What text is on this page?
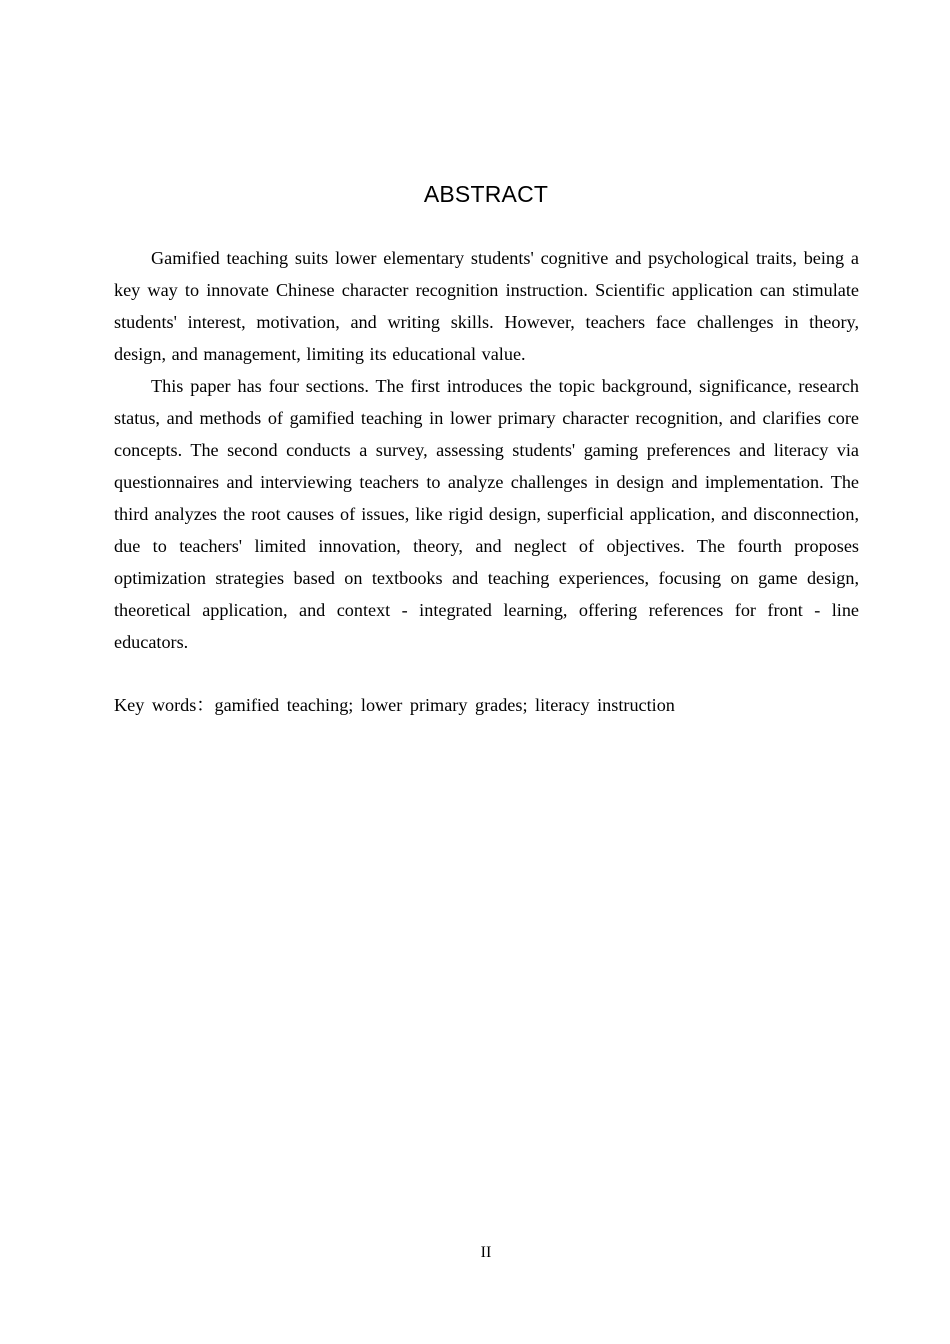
ABSTRACT

Gamified teaching suits lower elementary students' cognitive and psychological traits, being a key way to innovate Chinese character recognition instruction. Scientific application can stimulate students' interest, motivation, and writing skills. However, teachers face challenges in theory, design, and management, limiting its educational value.

This paper has four sections. The first introduces the topic background, significance, research status, and methods of gamified teaching in lower primary character recognition, and clarifies core concepts. The second conducts a survey, assessing students' gaming preferences and literacy via questionnaires and interviewing teachers to analyze challenges in design and implementation. The third analyzes the root causes of issues, like rigid design, superficial application, and disconnection, due to teachers' limited innovation, theory, and neglect of objectives. The fourth proposes optimization strategies based on textbooks and teaching experiences, focusing on game design, theoretical application, and context - integrated learning, offering references for front - line educators.

Key words：gamified teaching; lower primary grades; literacy instruction
II
